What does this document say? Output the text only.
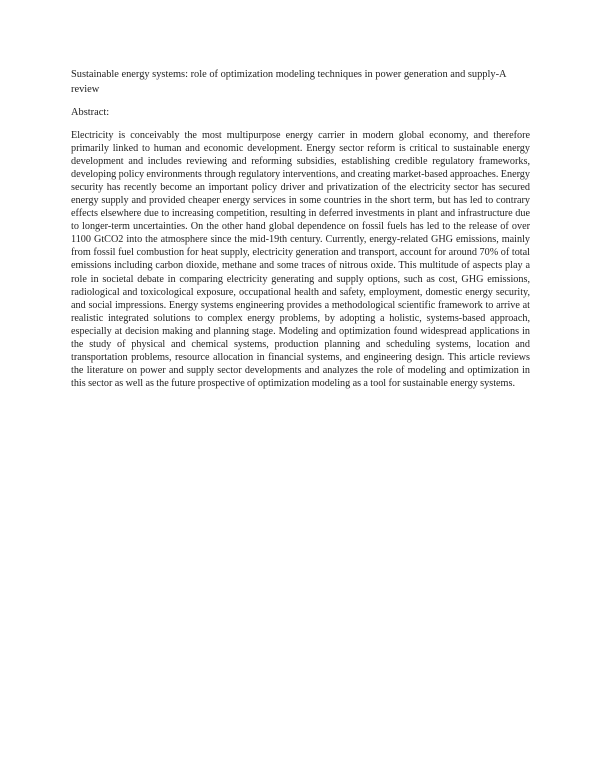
Sustainable energy systems: role of optimization modeling techniques in power generation and supply-A review

Abstract:

Electricity is conceivably the most multipurpose energy carrier in modern global economy, and therefore primarily linked to human and economic development. Energy sector reform is critical to sustainable energy development and includes reviewing and reforming subsidies, establishing credible regulatory frameworks, developing policy environments through regulatory interventions, and creating market-based approaches. Energy security has recently become an important policy driver and privatization of the electricity sector has secured energy supply and provided cheaper energy services in some countries in the short term, but has led to contrary effects elsewhere due to increasing competition, resulting in deferred investments in plant and infrastructure due to longer-term uncertainties. On the other hand global dependence on fossil fuels has led to the release of over 1100 GtCO2 into the atmosphere since the mid-19th century. Currently, energy-related GHG emissions, mainly from fossil fuel combustion for heat supply, electricity generation and transport, account for around 70% of total emissions including carbon dioxide, methane and some traces of nitrous oxide. This multitude of aspects play a role in societal debate in comparing electricity generating and supply options, such as cost, GHG emissions, radiological and toxicological exposure, occupational health and safety, employment, domestic energy security, and social impressions. Energy systems engineering provides a methodological scientific framework to arrive at realistic integrated solutions to complex energy problems, by adopting a holistic, systems-based approach, especially at decision making and planning stage. Modeling and optimization found widespread applications in the study of physical and chemical systems, production planning and scheduling systems, location and transportation problems, resource allocation in financial systems, and engineering design. This article reviews the literature on power and supply sector developments and analyzes the role of modeling and optimization in this sector as well as the future prospective of optimization modeling as a tool for sustainable energy systems.
